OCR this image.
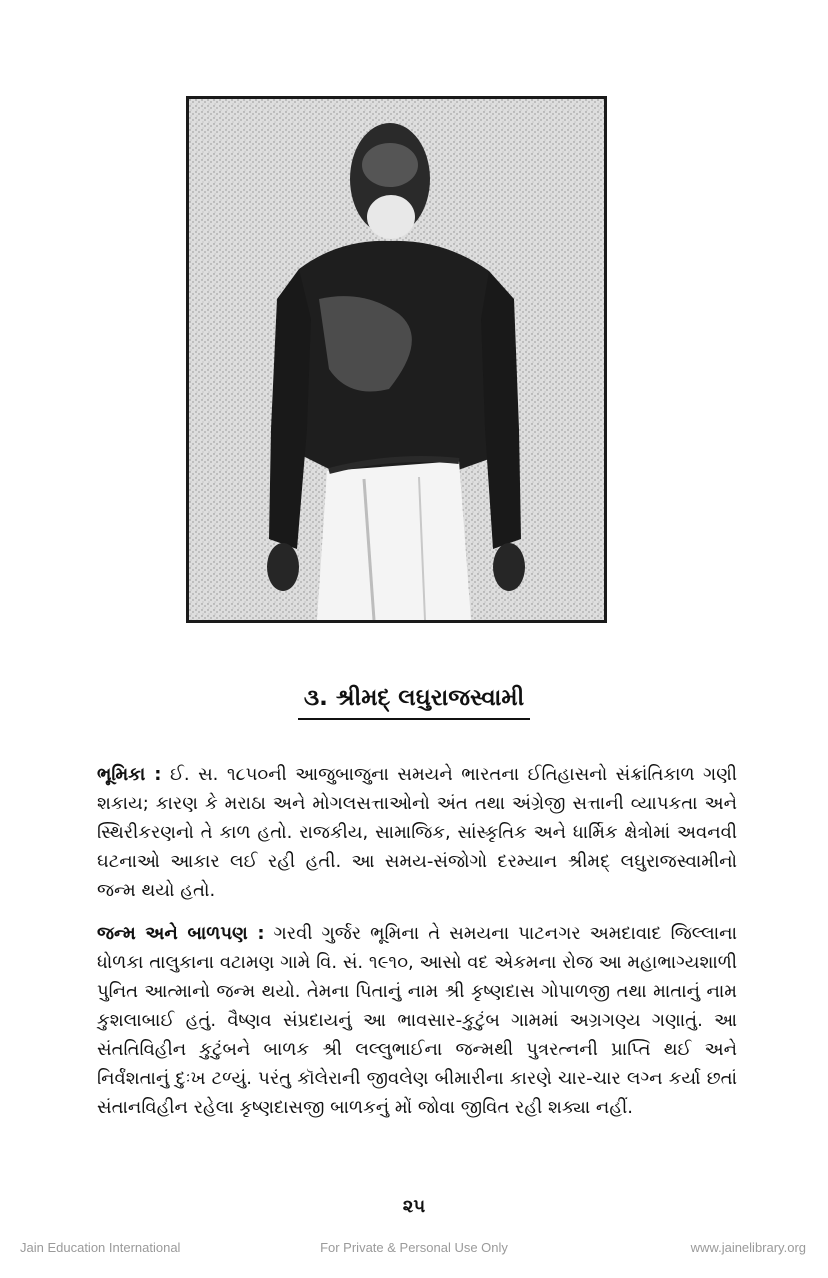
૩. શ્રીમદ્ લઘુરાજસ્વામી

ભૂમિકા : ઈ. સ. ૧૮૫૦ની આજુબાજુના સમયને ભારતના ઈતિહાસનો સંક્રાંતિકાળ ગણી શકાય; કારણ કે મરાઠા અને મોગલસત્તાઓનો અંત તથા અંગ્રેજી સત્તાની વ્યાપકતા અને સ્થિરીકરણનો તે કાળ હતો. રાજકીય, સામાજિક, સાંસ્કૃતિક અને ધાર્મિક ક્ષેત્રોમાં અવનવી ઘટનાઓ આકાર લઈ રહી હતી. આ સમય-સંજોગો દરમ્યાન શ્રીમદ્ લઘુરાજસ્વામીનો જન્મ થયો હતો.

જન્મ અને બાળપણ : ગરવી ગુર્જર ભૂમિના તે સમયના પાટનગર અમદાવાદ જિલ્લાના ધોળકા તાલુકાના વટામણ ગામે વિ. સં. ૧૯૧૦, આસો વદ એકમના રોજ આ મહાભાગ્યશાળી પુનિત આત્માનો જન્મ થયો. તેમના પિતાનું નામ શ્રી કૃષ્ણદાસ ગોપાળજી તથા માતાનું નામ કુશલાબાઈ હતું. વૈષ્ણવ સંપ્રદાયનું આ ભાવસાર-કુટુંબ ગામમાં અગ્રગણ્ય ગણાતું. આ સંતતિવિહીન કુટુંબને બાળક શ્રી લલ્લુભાઈના જન્મથી પુત્રરત્નની પ્રાપ્તિ થઈ અને નિર્વંશતાનું દુઃખ ટળ્યું. પરંતુ કૉલેરાની જીવલેણ બીમારીના કારણે ચાર-ચાર લગ્ન કર્યા છતાં સંતાનવિહીન રહેલા કૃષ્ણદાસજી બાળકનું મોં જોવા જીવિત રહી શક્યા નહીં.

૨૫
Jain Education International	For Private & Personal Use Only	www.jainelibrary.org
